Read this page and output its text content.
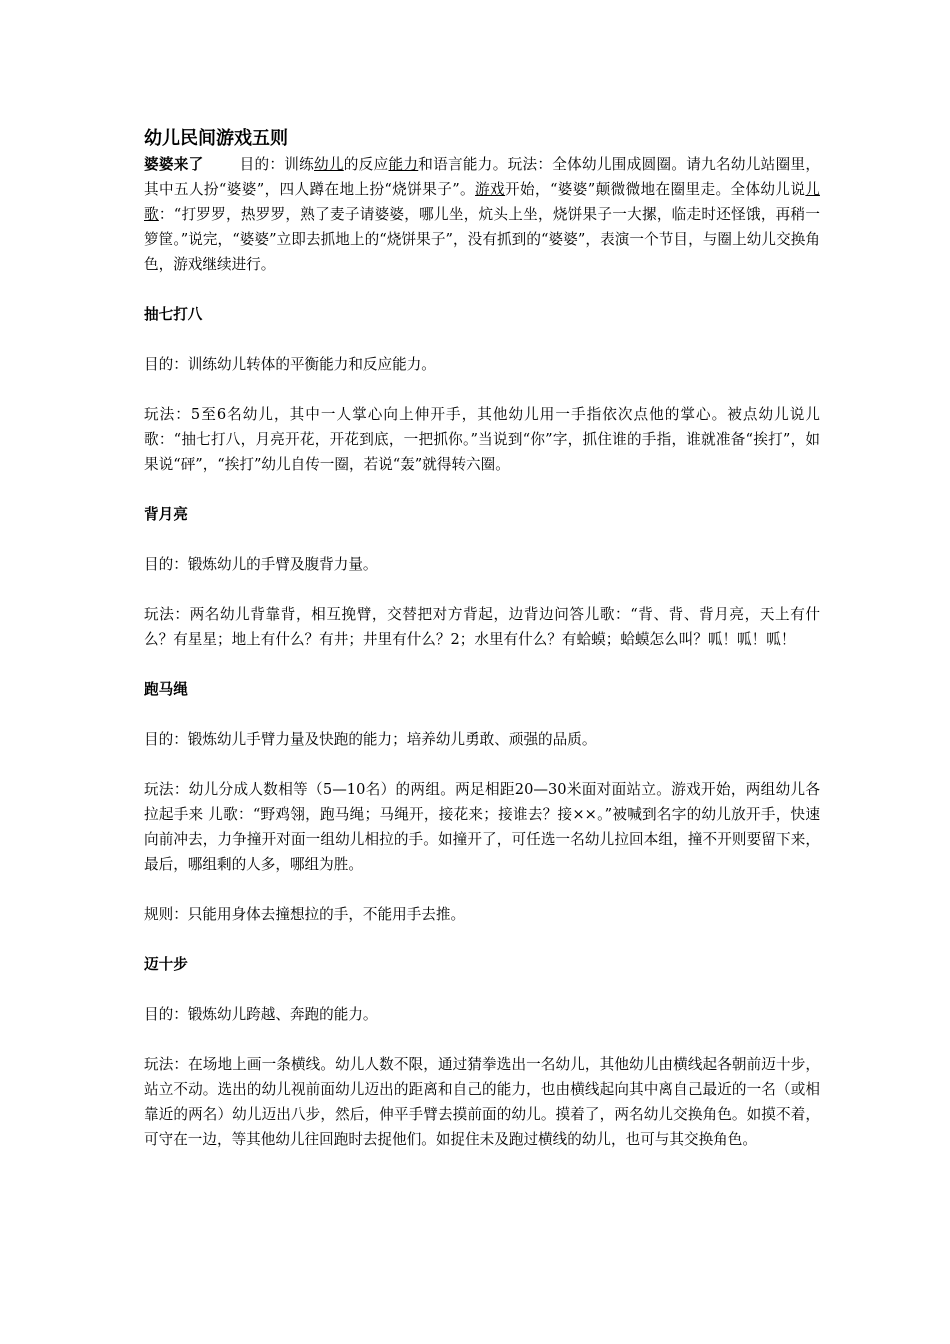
幼儿民间游戏五则

婆婆来了 目的：训练幼儿的反应能力和语言能力。玩法：全体幼儿围成圆圈。请九名幼儿站圈里，其中五人扮“婆婆”，四人蹲在地上扮“烧饼果子”。游戏开始，“婆婆”颠微微地在圈里走。全体幼儿说儿歌：“打罗罗，热罗罗，熟了麦子请婆婆，哪儿坐，炕头上坐，烧饼果子一大摞，临走时还怪饿，再稍一箩筐。”说完，“婆婆”立即去抓地上的“烧饼果子”，没有抓到的“婆婆”，表演一个节目，与圈上幼儿交换角色，游戏继续进行。

抽七打八

目的：训练幼儿转体的平衡能力和反应能力。

玩法：5至6名幼儿，其中一人掌心向上伸开手，其他幼儿用一手指依次点他的掌心。被点幼儿说儿歌：“抽七打八，月亮开花，开花到底，一把抓你。”当说到“你”字，抓住谁的手指，谁就准备“挨打”，如果说“砰”，“挨打”幼儿自传一圈，若说“轰”就得转六圈。

背月亮

目的：锻炼幼儿的手臂及腹背力量。

玩法：两名幼儿背靠背，相互挽臂，交替把对方背起，边背边问答儿歌：“背、背、背月亮，天上有什么？有星星；地上有什么？有井；井里有什么？2；水里有什么？有蛤蟆；蛤蟆怎么叫？呱！呱！呱！

跑马绳

目的：锻炼幼儿手臂力量及快跑的能力；培养幼儿勇敢、顽强的品质。

玩法：幼儿分成人数相等（5—10名）的两组。两足相距20—30米面对面站立。游戏开始，两组幼儿各拉起手来 儿歌：“野鸡翎，跑马绳；马绳开，接花来；接谁去？接××。”被喊到名字的幼儿放开手，快速向前冲去，力争撞开对面一组幼儿相拉的手。如撞开了，可任选一名幼儿拉回本组，撞不开则要留下来，最后，哪组剩的人多，哪组为胜。

规则：只能用身体去撞想拉的手，不能用手去推。

迈十步

目的：锻炼幼儿跨越、奔跑的能力。

玩法：在场地上画一条横线。幼儿人数不限，通过猜拳选出一名幼儿，其他幼儿由横线起各朝前迈十步，站立不动。选出的幼儿视前面幼儿迈出的距离和自己的能力，也由横线起向其中离自己最近的一名（或相靠近的两名）幼儿迈出八步，然后，伸平手臂去摸前面的幼儿。摸着了，两名幼儿交换角色。如摸不着，可守在一边，等其他幼儿往回跑时去捉他们。如捉住未及跑过横线的幼儿，也可与其交换角色。
